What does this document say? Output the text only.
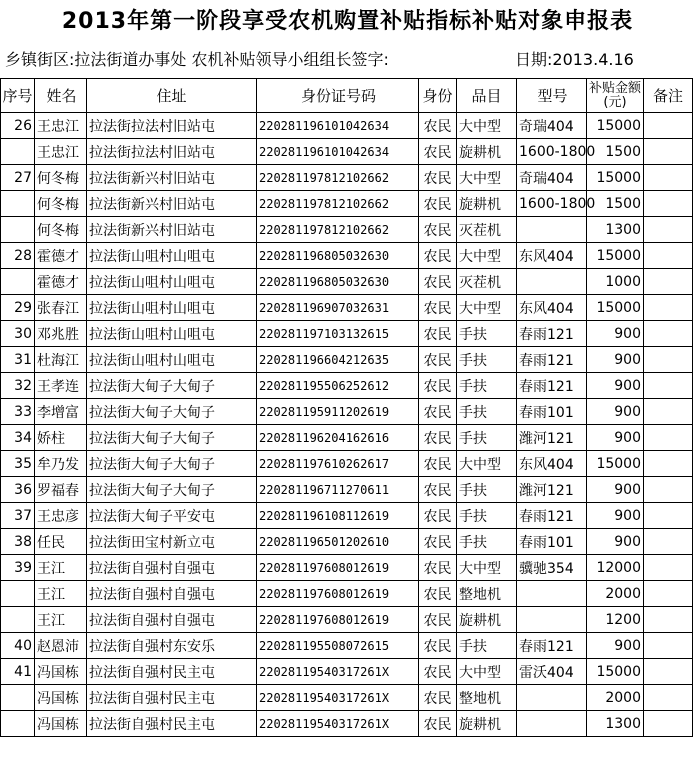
2013年第一阶段享受农机购置补贴指标补贴对象申报表
乡镇街区:拉法街道办事处 农机补贴领导小组组长签字:	日期:2013.4.16
序号	姓名	住址	身份证号码	身份	品目	型号	补贴金额(元)	备注
26	王忠江	拉法街拉法村旧站屯	220281196101042634	农民	大中型	奇瑞404	15000	
	王忠江	拉法街拉法村旧站屯	220281196101042634	农民	旋耕机	1600-1800	1500	
27	何冬梅	拉法街新兴村旧站屯	220281197812102662	农民	大中型	奇瑞404	15000	
	何冬梅	拉法街新兴村旧站屯	220281197812102662	农民	旋耕机	1600-1800	1500	
	何冬梅	拉法街新兴村旧站屯	220281197812102662	农民	灭茬机		1300	
28	霍德才	拉法街山咀村山咀屯	220281196805032630	农民	大中型	东风404	15000	
	霍德才	拉法街山咀村山咀屯	220281196805032630	农民	灭茬机		1000	
29	张春江	拉法街山咀村山咀屯	220281196907032631	农民	大中型	东风404	15000	
30	邓兆胜	拉法街山咀村山咀屯	220281197103132615	农民	手扶	春雨121	900	
31	杜海江	拉法街山咀村山咀屯	220281196604212635	农民	手扶	春雨121	900	
32	王孝连	拉法街大甸子大甸子	220281195506252612	农民	手扶	春雨121	900	
33	李增富	拉法街大甸子大甸子	220281195911202619	农民	手扶	春雨101	900	
34	娇柱	拉法街大甸子大甸子	220281196204162616	农民	手扶	潍河121	900	
35	牟乃发	拉法街大甸子大甸子	220281197610262617	农民	大中型	东风404	15000	
36	罗福春	拉法街大甸子大甸子	220281196711270611	农民	手扶	潍河121	900	
37	王忠彦	拉法街大甸子平安屯	220281196108112619	农民	手扶	春雨121	900	
38	任民	拉法街田宝村新立屯	220281196501202610	农民	手扶	春雨101	900	
39	王江	拉法街自强村自强屯	220281197608012619	农民	大中型	骥驰354	12000	
	王江	拉法街自强村自强屯	220281197608012619	农民	整地机		2000	
	王江	拉法街自强村自强屯	220281197608012619	农民	旋耕机		1200	
40	赵恩沛	拉法街自强村东安乐	220281195508072615	农民	手扶	春雨121	900	
41	冯国栋	拉法街自强村民主屯	22028119540317261X	农民	大中型	雷沃404	15000	
	冯国栋	拉法街自强村民主屯	22028119540317261X	农民	整地机		2000	
	冯国栋	拉法街自强村民主屯	22028119540317261X	农民	旋耕机		1300	
